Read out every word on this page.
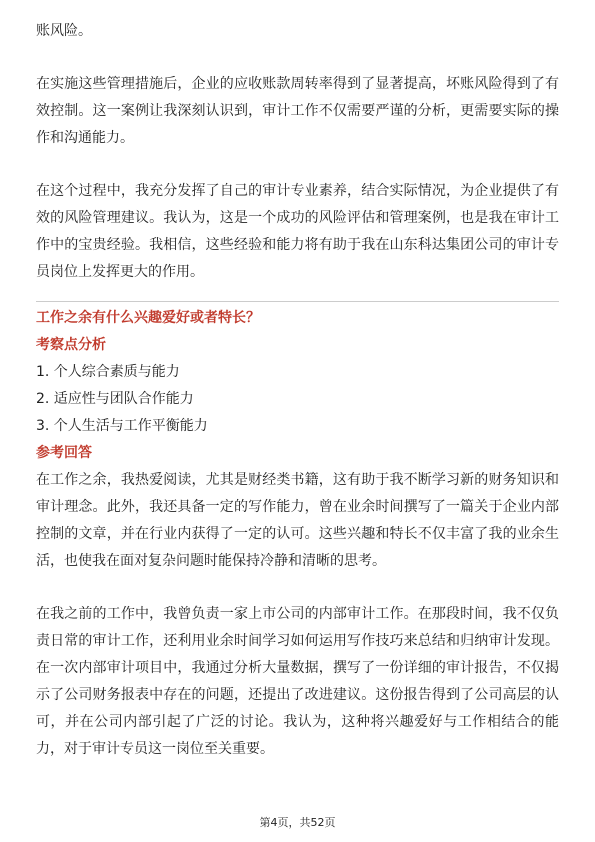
账风险。

在实施这些管理措施后，企业的应收账款周转率得到了显著提高，坏账风险得到了有效控制。这一案例让我深刻认识到，审计工作不仅需要严谨的分析，更需要实际的操作和沟通能力。

在这个过程中，我充分发挥了自己的审计专业素养，结合实际情况，为企业提供了有效的风险管理建议。我认为，这是一个成功的风险评估和管理案例，也是我在审计工作中的宝贵经验。我相信，这些经验和能力将有助于我在山东科达集团公司的审计专员岗位上发挥更大的作用。

工作之余有什么兴趣爱好或者特长？
考察点分析
1. 个人综合素质与能力
2. 适应性与团队合作能力
3. 个人生活与工作平衡能力
参考回答

在工作之余，我热爱阅读，尤其是财经类书籍，这有助于我不断学习新的财务知识和审计理念。此外，我还具备一定的写作能力，曾在业余时间撰写了一篇关于企业内部控制的文章，并在行业内获得了一定的认可。这些兴趣和特长不仅丰富了我的业余生活，也使我在面对复杂问题时能保持冷静和清晰的思考。

在我之前的工作中，我曾负责一家上市公司的内部审计工作。在那段时间，我不仅负责日常的审计工作，还利用业余时间学习如何运用写作技巧来总结和归纳审计发现。在一次内部审计项目中，我通过分析大量数据，撰写了一份详细的审计报告，不仅揭示了公司财务报表中存在的问题，还提出了改进建议。这份报告得到了公司高层的认可，并在公司内部引起了广泛的讨论。我认为，这种将兴趣爱好与工作相结合的能力，对于审计专员这一岗位至关重要。

第4页，共52页
